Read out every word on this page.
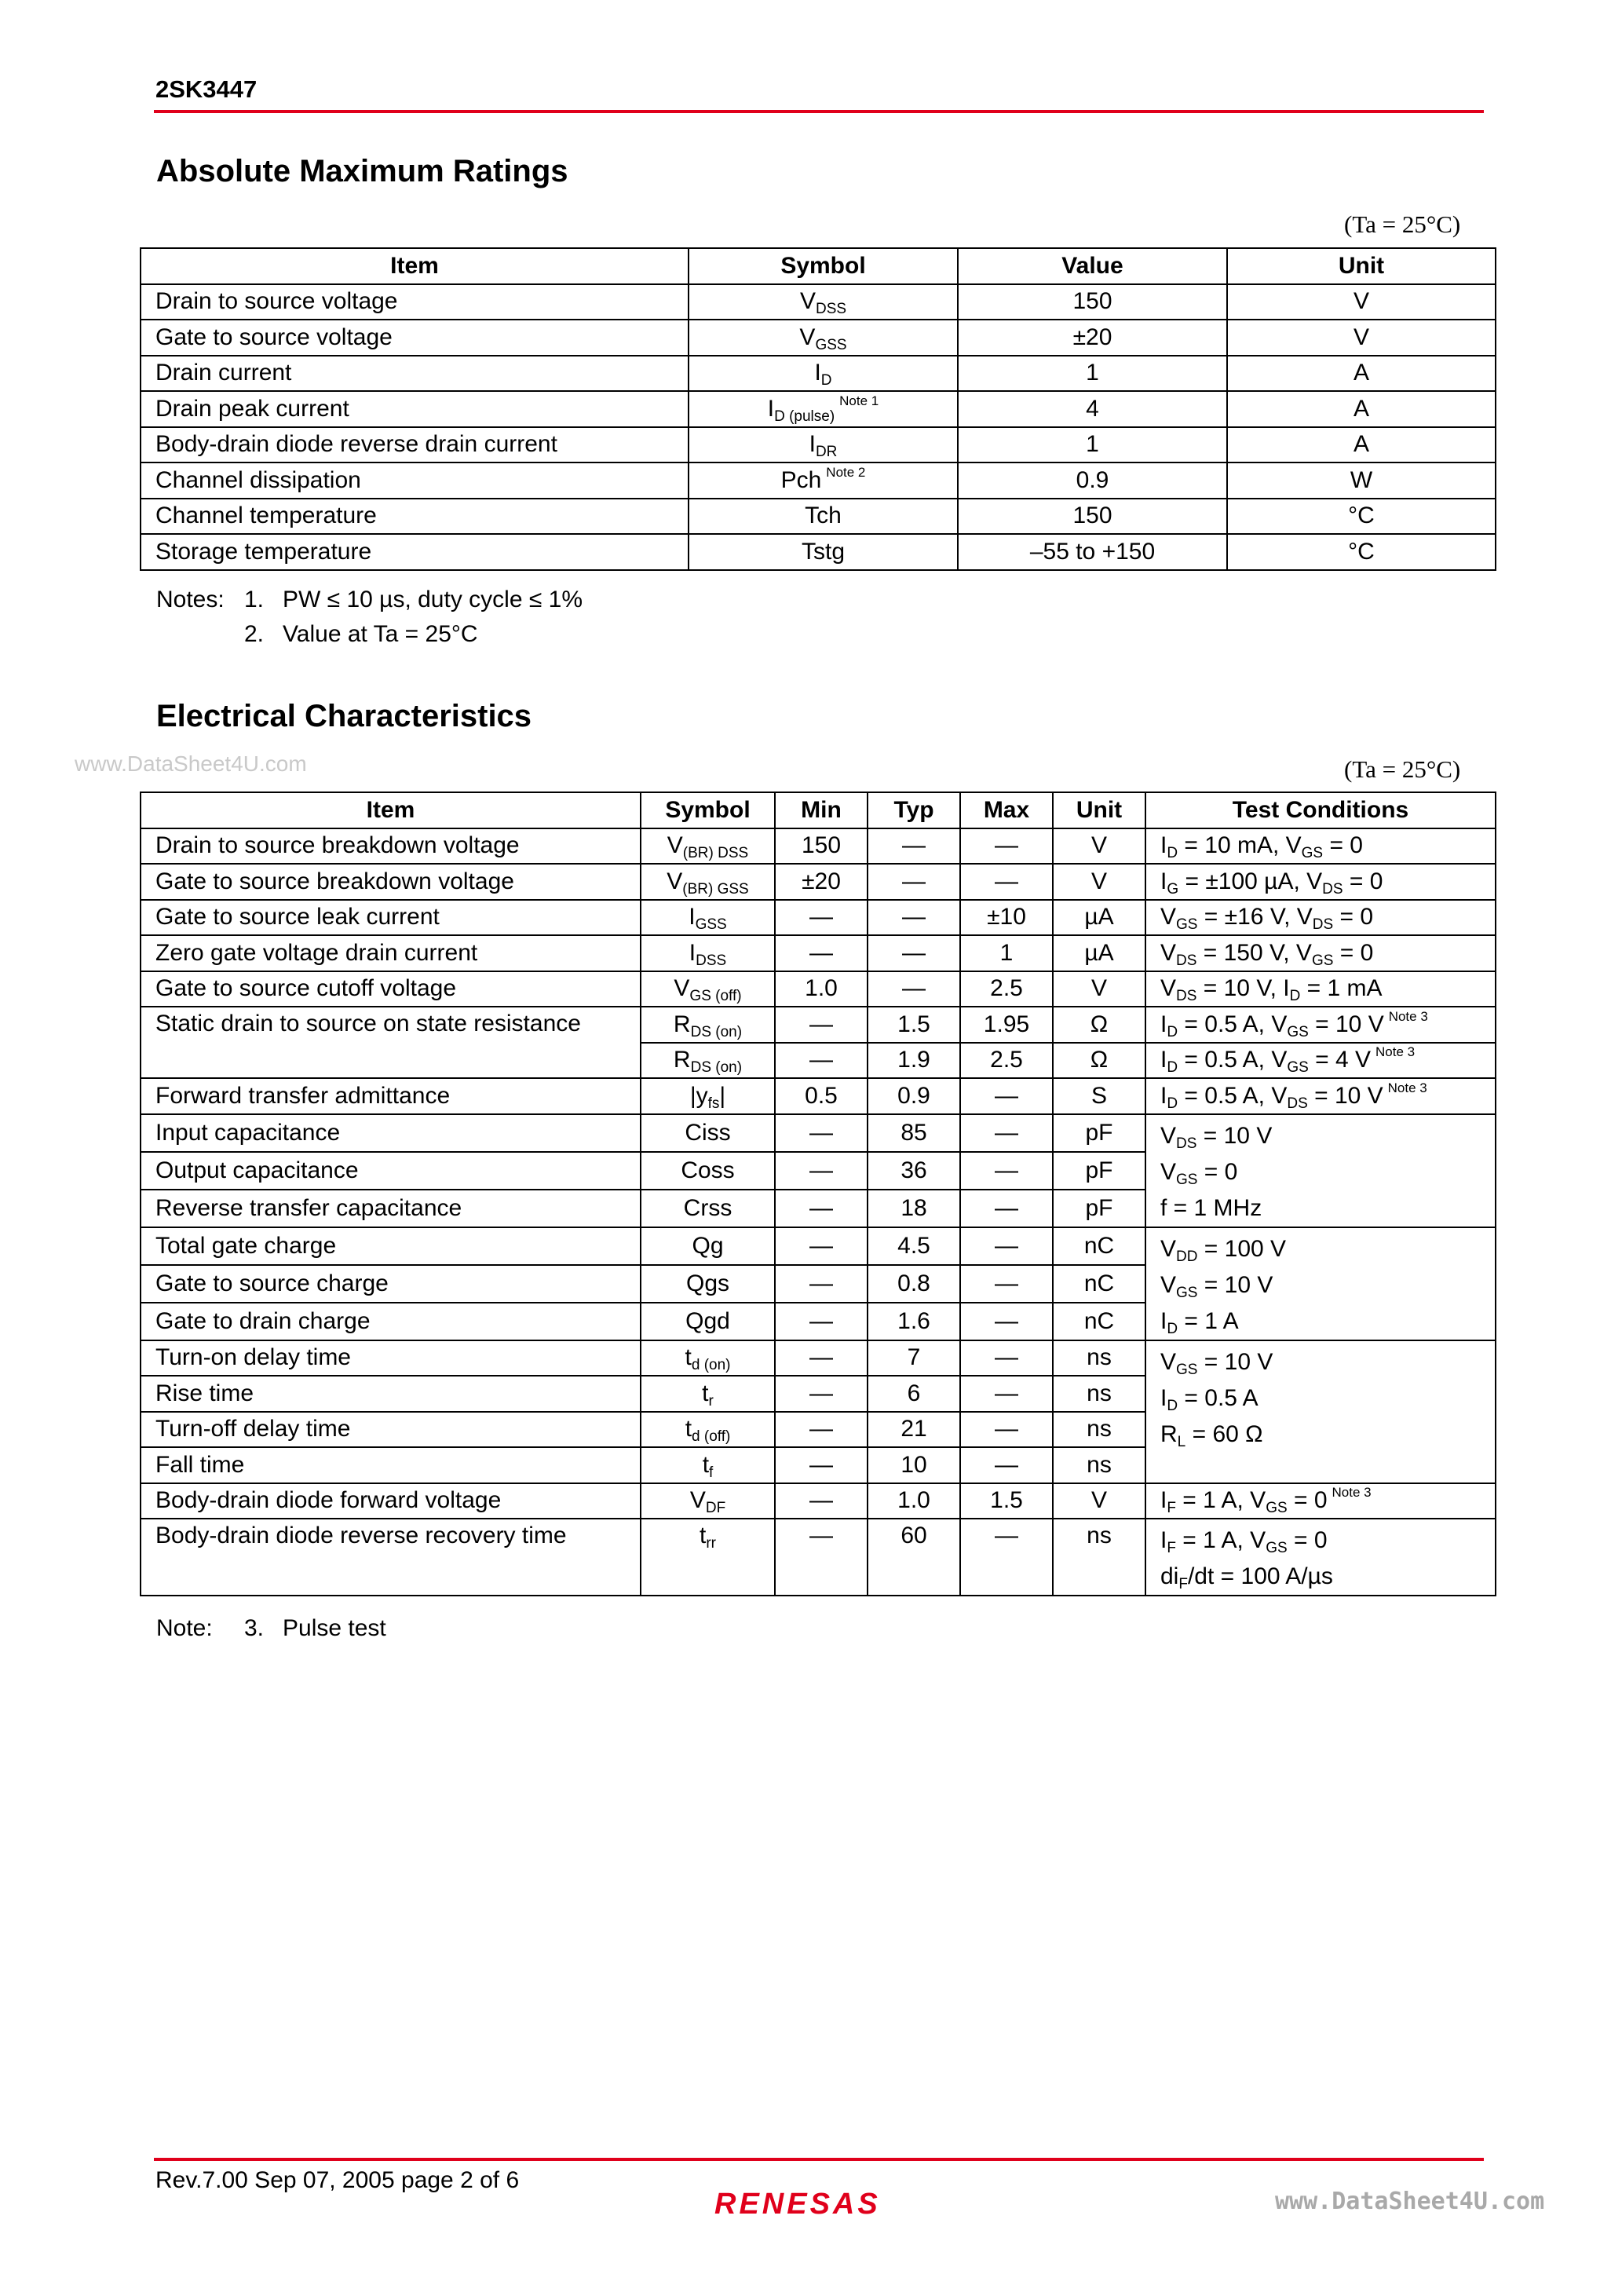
2SK3447
Absolute Maximum Ratings
(Ta = 25°C)
Item	Symbol	Value	Unit
Drain to source voltage	$V_{DSS}$	150	V
Gate to source voltage	$V_{GSS}$	±20	V
Drain current	$I_D$	1	A
Drain peak current	$I_{D (pulse)}^{Note 1}$	4	A
Body-drain diode reverse drain current	$I_{DR}$	1	A
Channel dissipation	Pch $^{Note 2}$	0.9	W
Channel temperature	Tch	150	°C
Storage temperature	Tstg	–55 to +150	°C
Notes: 1. PW ≤ 10 µs, duty cycle ≤ 1%
2. Value at Ta = 25°C
Electrical Characteristics
www.DataSheet4U.com	(Ta = 25°C)
Item	Symbol	Min	Typ	Max	Unit	Test Conditions
Drain to source breakdown voltage	$V_{(BR) DSS}$	150	—	—	V	$I_D = 10$ mA, $V_{GS} = 0$

Gate to source breakdown voltage	$V_{(BR) GSS}$	±20	—	—	V	$I_G = \pm 100$ µA, $V_{DS} = 0$

Gate to source leak current	$I_{GSS}$	—	—	±10	µA	$V_{GS} = \pm 16$ V, $V_{DS} = 0$

Zero gate voltage drain current	$I_{DSS}$	—	—	1	µA	$V_{DS} = 150$ V, $V_{GS} = 0$

Gate to source cutoff voltage	$V_{GS (off)}$	1.0	—	2.5	V	$V_{DS} = 10$ V, $I_D = 1$ mA

Static drain to source on state resistance	$R_{DS (on)}$	—	1.5	1.95	Ω	$I_D = 0.5$ A, $V_{GS} = 10$ V $^{Note 3}$

	$R_{DS (on)}$	—	1.9	2.5	Ω	$I_D = 0.5$ A, $V_{GS} = 4$ V $^{Note 3}$

Forward transfer admittance	$|y_{fs}|$	0.5	0.9	—	S	$I_D = 0.5$ A, $V_{DS} = 10$ V $^{Note 3}$

Input capacitance	Ciss	—	85	—	pF	$V_{DS} = 10$ V
$V_{GS} = 0$
f = 1 MHz

Output capacitance	Coss	—	36	—	pF	
Reverse transfer capacitance	Crss	—	18	—	pF	
Total gate charge	Qg	—	4.5	—	nC	$V_{DD} = 100$ V
$V_{GS} = 10$ V
$I_D = 1$ A

Gate to source charge	Qgs	—	0.8	—	nC	
Gate to drain charge	Qgd	—	1.6	—	nC	
Turn-on delay time	$t_{d (on)}$	—	7	—	ns	$V_{GS} = 10$ V
$I_D = 0.5$ A
$R_L = 60$ Ω

Rise time	$t_r$	—	6	—	ns	
Turn-off delay time	$t_{d (off)}$	—	21	—	ns	
Fall time	$t_f$	—	10	—	ns	
Body-drain diode forward voltage	$V_{DF}$	—	1.0	1.5	V	$I_F = 1$ A, $V_{GS} = 0$ $^{Note 3}$

Body-drain diode reverse recovery time	$t_{rr}$	—	60	—	ns	$I_F = 1$ A, $V_{GS} = 0$
$di_F/dt = 100$ A/µs
Note: 3. Pulse test
Rev.7.00 Sep 07, 2005 page 2 of 6
RENESAS	www.DataSheet4U.com
